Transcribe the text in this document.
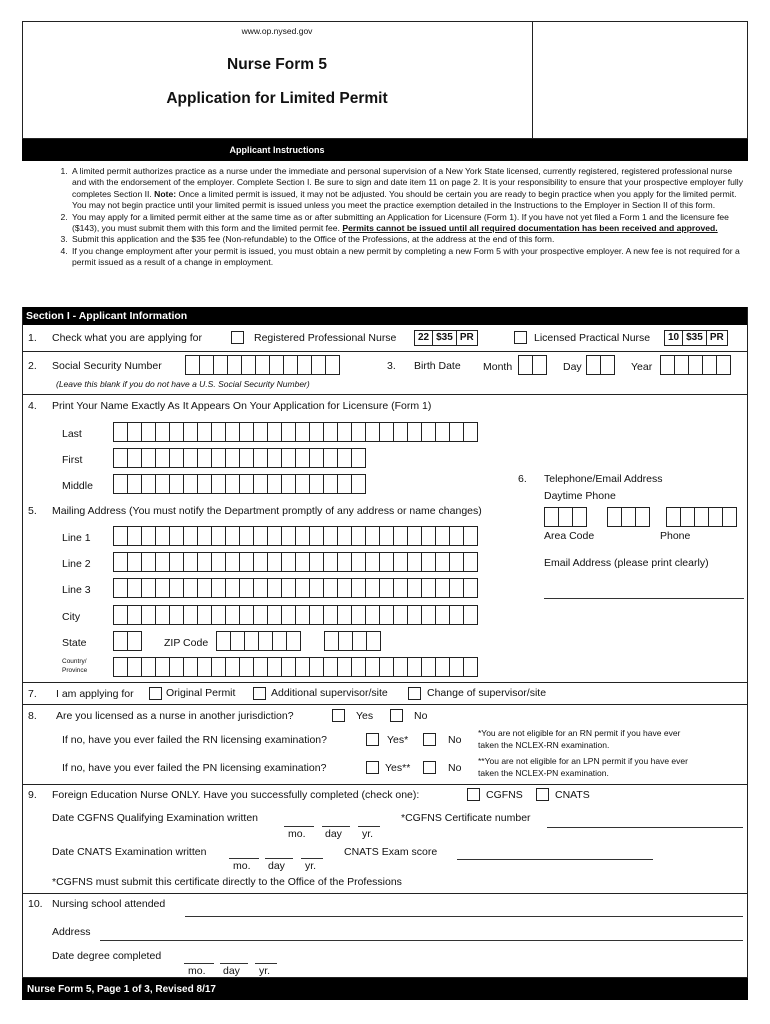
www.op.nysed.gov
Nurse Form 5
Application for Limited Permit
Applicant Instructions
1. A limited permit authorizes practice as a nurse under the immediate and personal supervision of a New York State licensed, currently registered, registered professional nurse and with the endorsement of the employer. Complete Section I. Be sure to sign and date item 11 on page 2. It is your responsibility to ensure that your prospective employer fully completes Section II. Note: Once a limited permit is issued, it may not be adjusted. You should be certain you are ready to begin practice when you apply for the limited permit. You may not begin practice until your limited permit is issued unless you meet the practice exemption detailed in the Instructions to the Employer in Section II of this form.
2. You may apply for a limited permit either at the same time as or after submitting an Application for Licensure (Form 1). If you have not yet filed a Form 1 and the licensure fee ($143), you must submit them with this form and the limited permit fee. Permits cannot be issued until all required documentation has been received and approved.
3. Submit this application and the $35 fee (Non-refundable) to the Office of the Professions, at the address at the end of this form.
4. If you change employment after your permit is issued, you must obtain a new permit by completing a new Form 5 with your prospective employer. A new fee is not required for a permit issued as a result of a change in employment.
Section I - Applicant Information
1. Check what you are applying for	Registered Professional Nurse	22 $35 PR	Licensed Practical Nurse	10 $35 PR
2. Social Security Number
(Leave this blank if you do not have a U.S. Social Security Number)
3. Birth Date Month	Day	Year
4. Print Your Name Exactly As It Appears On Your Application for Licensure (Form 1)
Last
First
Middle
6. Telephone/Email Address
Daytime Phone
Area Code	Phone
Email Address (please print clearly)
5. Mailing Address (You must notify the Department promptly of any address or name changes)
Line 1
Line 2
Line 3
City
State	ZIP Code
Country/
Province
7. I am applying for	Original Permit	Additional supervisor/site	Change of supervisor/site
8. Are you licensed as a nurse in another jurisdiction?	Yes	No
If no, have you ever failed the RN licensing examination?	Yes*	No
*You are not eligible for an RN permit if you have ever
taken the NCLEX-RN examination.
If no, have you ever failed the PN licensing examination?	Yes**	No
**You are not eligible for an LPN permit if you have ever
taken the NCLEX-PN examination.
9. Foreign Education Nurse ONLY. Have you successfully completed (check one):	CGFNS	CNATS
Date CGFNS Qualifying Examination written
mo. day yr.
*CGFNS Certificate number
Date CNATS Examination written
mo. day yr.
CNATS Exam score
*CGFNS must submit this certificate directly to the Office of the Professions
10. Nursing school attended
Address
Date degree completed
mo. day yr.
Nurse Form 5, Page 1 of 3, Revised 8/17
